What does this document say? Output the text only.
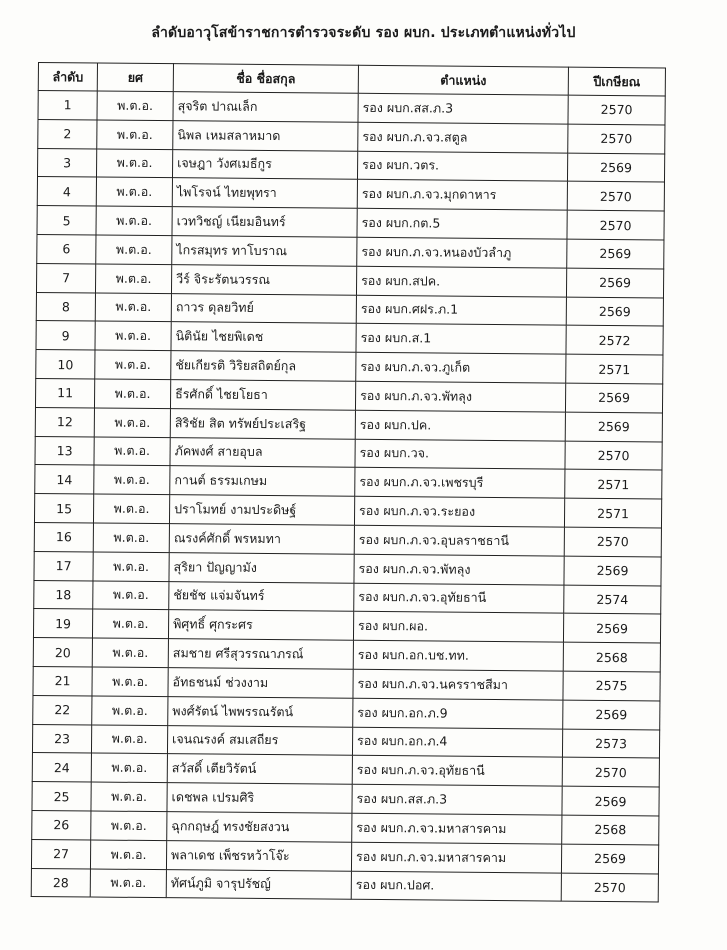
ลำดับอาวุโสข้าราชการตำรวจระดับ รอง ผบก. ประเภทตำแหน่งทั่วไป
ลำดับ	ยศ	ชื่อ ชื่อสกุล	ตำแหน่ง	ปีเกษียณ
1	พ.ต.อ.	สุจริต ปาณเล็ก	รอง ผบก.สส.ภ.3	2570
2	พ.ต.อ.	นิพล เหมสลาหมาด	รอง ผบก.ภ.จว.สตูล	2570
3	พ.ต.อ.	เจษฎา วังศเมธีกูร	รอง ผบก.วตร.	2569
4	พ.ต.อ.	ไพโรจน์ ไทยพุทรา	รอง ผบก.ภ.จว.มุกดาหาร	2570
5	พ.ต.อ.	เวทวิชญ์ เนียมอินทร์	รอง ผบก.กต.5	2570
6	พ.ต.อ.	ไกรสมุทร ทาโบราณ	รอง ผบก.ภ.จว.หนองบัวลำภู	2569
7	พ.ต.อ.	วีร์ จิระรัตนวรรณ	รอง ผบก.สปค.	2569
8	พ.ต.อ.	ถาวร ดุลยวิทย์	รอง ผบก.ศฝร.ภ.1	2569
9	พ.ต.อ.	นิตินัย ไชยพิเดช	รอง ผบก.ส.1	2572
10	พ.ต.อ.	ชัยเกียรติ วิริยสถิตย์กุล	รอง ผบก.ภ.จว.ภูเก็ต	2571
11	พ.ต.อ.	ธีรศักดิ์ ไชยโยธา	รอง ผบก.ภ.จว.พัทลุง	2569
12	พ.ต.อ.	สิริชัย สิต ทรัพย์ประเสริฐ	รอง ผบก.ปค.	2569
13	พ.ต.อ.	ภัคพงศ์ สายอุบล	รอง ผบก.วจ.	2570
14	พ.ต.อ.	กานต์ ธรรมเกษม	รอง ผบก.ภ.จว.เพชรบุรี	2571
15	พ.ต.อ.	ปราโมทย์ งามประดิษฐ์	รอง ผบก.ภ.จว.ระยอง	2571
16	พ.ต.อ.	ณรงค์ศักดิ์ พรหมทา	รอง ผบก.ภ.จว.อุบลราชธานี	2570
17	พ.ต.อ.	สุริยา ปัญญามัง	รอง ผบก.ภ.จว.พัทลุง	2569
18	พ.ต.อ.	ชัยชัช แจ่มจันทร์	รอง ผบก.ภ.จว.อุทัยธานี	2574
19	พ.ต.อ.	พิศุทธิ์ ศุกระศร	รอง ผบก.ผอ.	2569
20	พ.ต.อ.	สมชาย ศรีสุวรรณาภรณ์	รอง ผบก.อก.บช.ทท.	2568
21	พ.ต.อ.	อัทธชนม์ ช่วงงาม	รอง ผบก.ภ.จว.นครราชสีมา	2575
22	พ.ต.อ.	พงศ์รัตน์ ไพพรรณรัตน์	รอง ผบก.อก.ภ.9	2569
23	พ.ต.อ.	เจนณรงค์ สมเสถียร	รอง ผบก.อก.ภ.4	2573
24	พ.ต.อ.	สวัสดิ์ เตียวิรัตน์	รอง ผบก.ภ.จว.อุทัยธานี	2570
25	พ.ต.อ.	เดชพล เปรมศิริ	รอง ผบก.สส.ภ.3	2569
26	พ.ต.อ.	ฉุกกฤษฎ์ ทรงชัยสงวน	รอง ผบก.ภ.จว.มหาสารคาม	2568
27	พ.ต.อ.	พลาเดช เพ็ชรหว้าโจ๊ะ	รอง ผบก.ภ.จว.มหาสารคาม	2569
28	พ.ต.อ.	ทัศน์ภูมิ จารุปรัชญ์	รอง ผบก.ปอศ.	2570
